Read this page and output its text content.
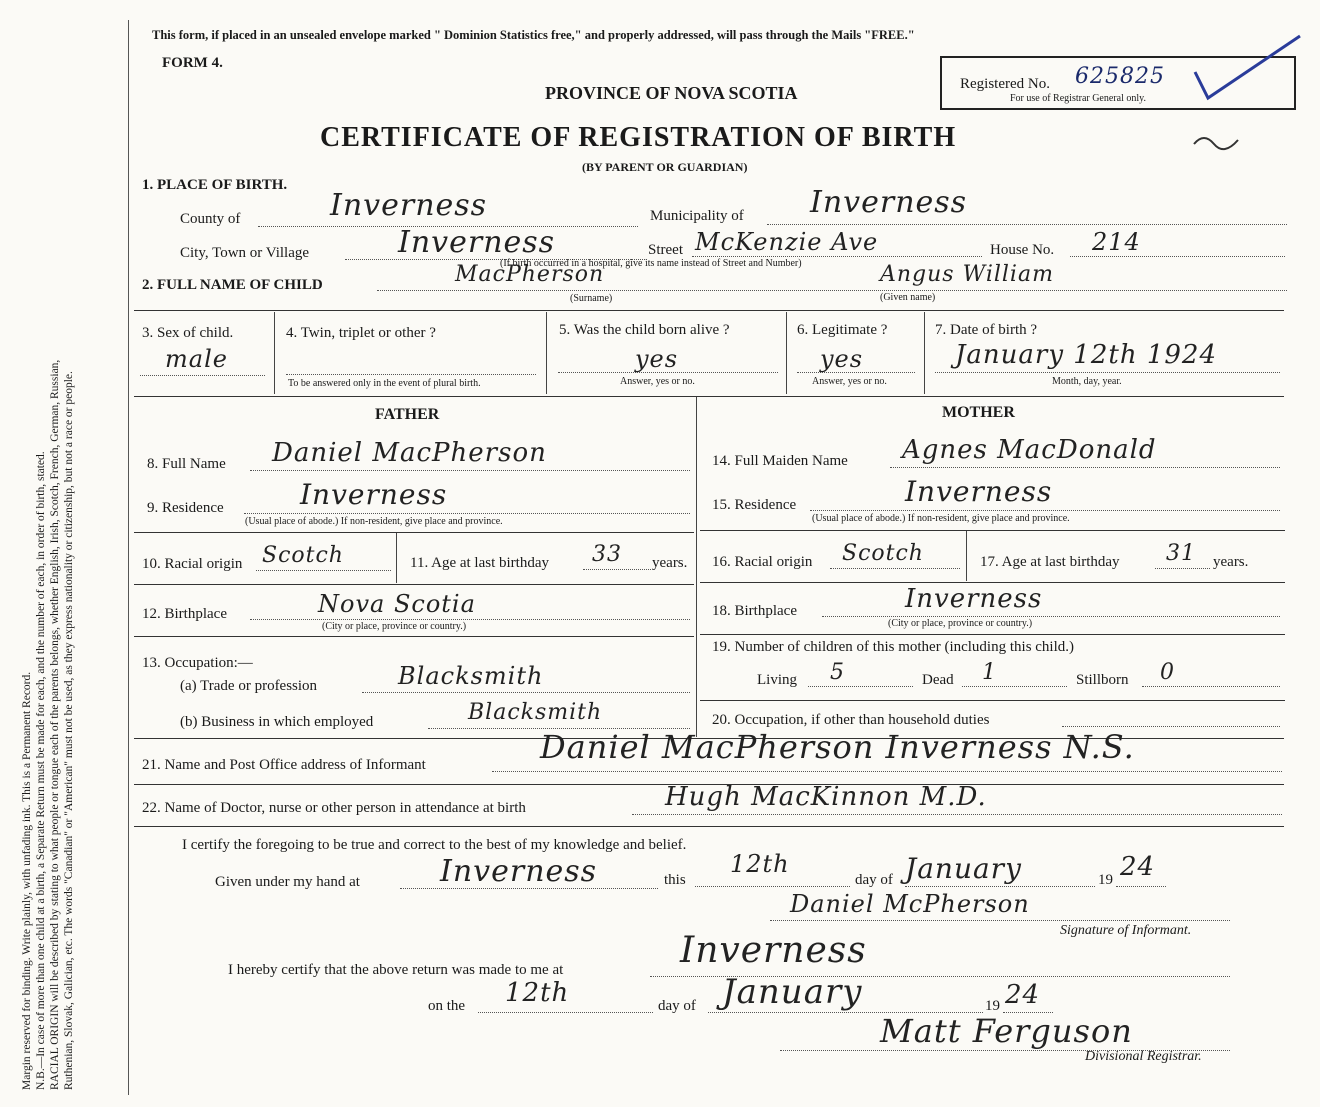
Margin reserved for binding. Write plainly, with unfading ink. This is a Permanent Record. N.B.—In case of more than one child at a birth, a Separate Return must be made for each, and the number of each, in order of birth, stated. RACIAL ORIGIN will be described by stating to what people or tongue each of the parents belongs, whether English, Irish, Scotch, French, German, Russian, Ruthenian, Slovak, Galician, etc. The words "Canadian" or "American" must not be used, as they express nationality or citizenship, but not a race or people.
This form, if placed in an unsealed envelope marked " Dominion Statistics free," and properly addressed, will pass through the Mails "FREE."
FORM 4.
PROVINCE OF NOVA SCOTIA
CERTIFICATE OF REGISTRATION OF BIRTH
(BY PARENT OR GUARDIAN)
Registered No. 625825
For use of Registrar General only.
1. PLACE OF BIRTH.
County of	Inverness	Municipality of Inverness
City, Town or Village	Inverness	Street McKenzie Ave	House No. 214
(If birth occurred in a hospital, give its name instead of Street and Number)
2. FULL NAME OF CHILD	MacPherson	Angus William
(Surname)	(Given name)
3. Sex of child.
male
4. Twin, triplet or other ?
To be answered only in the event of plural birth.
5. Was the child born alive ?
yes
Answer, yes or no.
6. Legitimate ?
yes
Answer, yes or no.
7. Date of birth ?
January 12th 1924
Month, day, year.
FATHER	MOTHER
8. Full Name Daniel MacPherson	14. Full Maiden Name Agnes MacDonald
9. Residence	Inverness
(Usual place of abode.) If non-resident, give place and province.
15. Residence	Inverness
(Usual place of abode.) If non-resident, give place and province.
10. Racial origin Scotch	11. Age at last birthday 33 years. 16. Racial origin Scotch	17. Age at last birthday 31 years.
12. Birthplace	Nova Scotia
(City or place, province or country.)
18. Birthplace	Inverness
(City or place, province or country.)
13. Occupation:—
(a) Trade or profession	Blacksmith
(b) Business in which employed	Blacksmith
19. Number of children of this mother (including this child.)
Living 5	Dead 1	Stillborn 0
20. Occupation, if other than household duties
21. Name and Post Office address of Informant	Daniel MacPherson Inverness N.S.
22. Name of Doctor, nurse or other person in attendance at birth	Hugh MacKinnon M.D.
I certify the foregoing to be true and correct to the best of my knowledge and belief.
Given under my hand at	Inverness	this
12th
day of January	19 24
Daniel McPherson
Signature of Informant.
I hereby certify that the above return was made to me at	Inverness
on the 12th	day of January	19 24
Matt Ferguson
Divisional Registrar.
